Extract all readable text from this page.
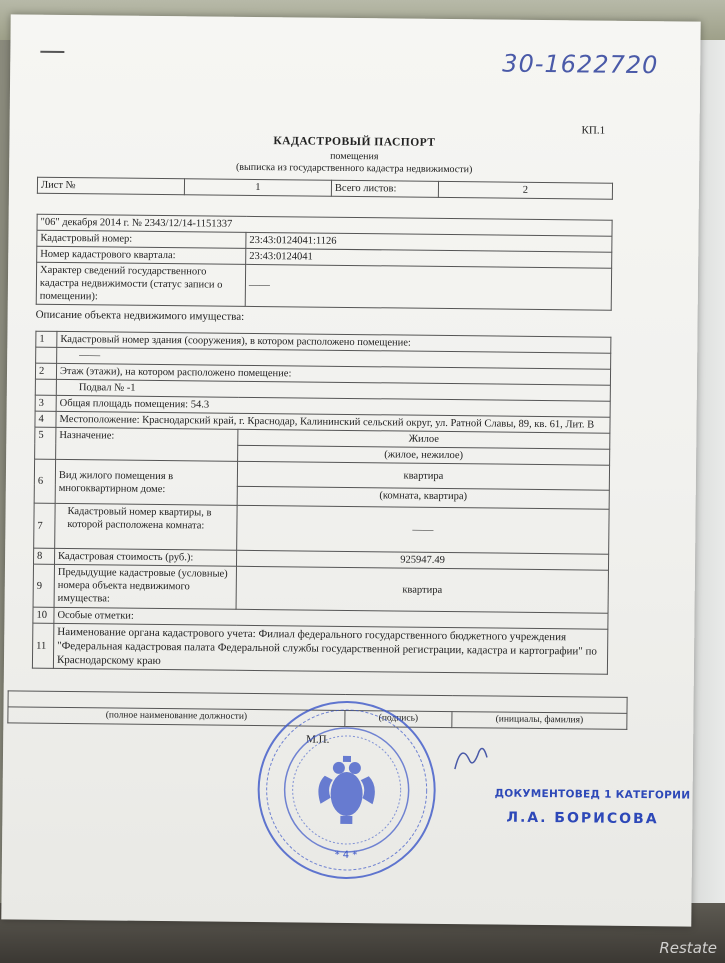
30-1622720
КП.1
КАДАСТРОВЫЙ ПАСПОРТ
помещения
(выписка из государственного кадастра недвижимости)
Лист №	1	Всего листов:	2
"06" декабря 2014 г. № 2343/12/14-1151337	
Кадастровый номер:	23:43:0124041:1126
Номер кадастрового квартала:	23:43:0124041
Характер сведений государственного кадастра недвижимости (статус записи о помещении):	——
Описание объекта недвижимого имущества:
1	Кадастровый номер здания (сооружения), в котором расположено помещение:	
	——	
2	Этаж (этажи), на котором расположено помещение:	
	Подвал № -1	
3	Общая площадь помещения: 54.3	
4	Местоположение: Краснодарский край, г. Краснодар, Калининский сельский округ, ул. Ратной Славы, 89, кв. 61, Лит. В	
5	Назначение:	Жилое
		(жилое, нежилое)
6	Вид жилого помещения в многоквартирном доме:	квартира
		(комната, квартира)
7	Кадастровый номер квартиры, в которой расположена комната:	——
8	Кадастровая стоимость (руб.):	925947.49
9	Предыдущие кадастровые (условные) номера объекта недвижимого имущества:	квартира
10	Особые отметки:	
11	Наименование органа кадастрового учета: Филиал федерального государственного бюджетного учреждения "Федеральная кадастровая палата Федеральной службы государственной регистрации, кадастра и картографии" по Краснодарскому краю	

(полное наименование должности)	(подпись)	(инициалы, фамилия)
М.П.
* 4 *
ДОКУМЕНТОВЕД 1 КАТЕГОРИИ
Л.А. БОРИСОВА
Restate
